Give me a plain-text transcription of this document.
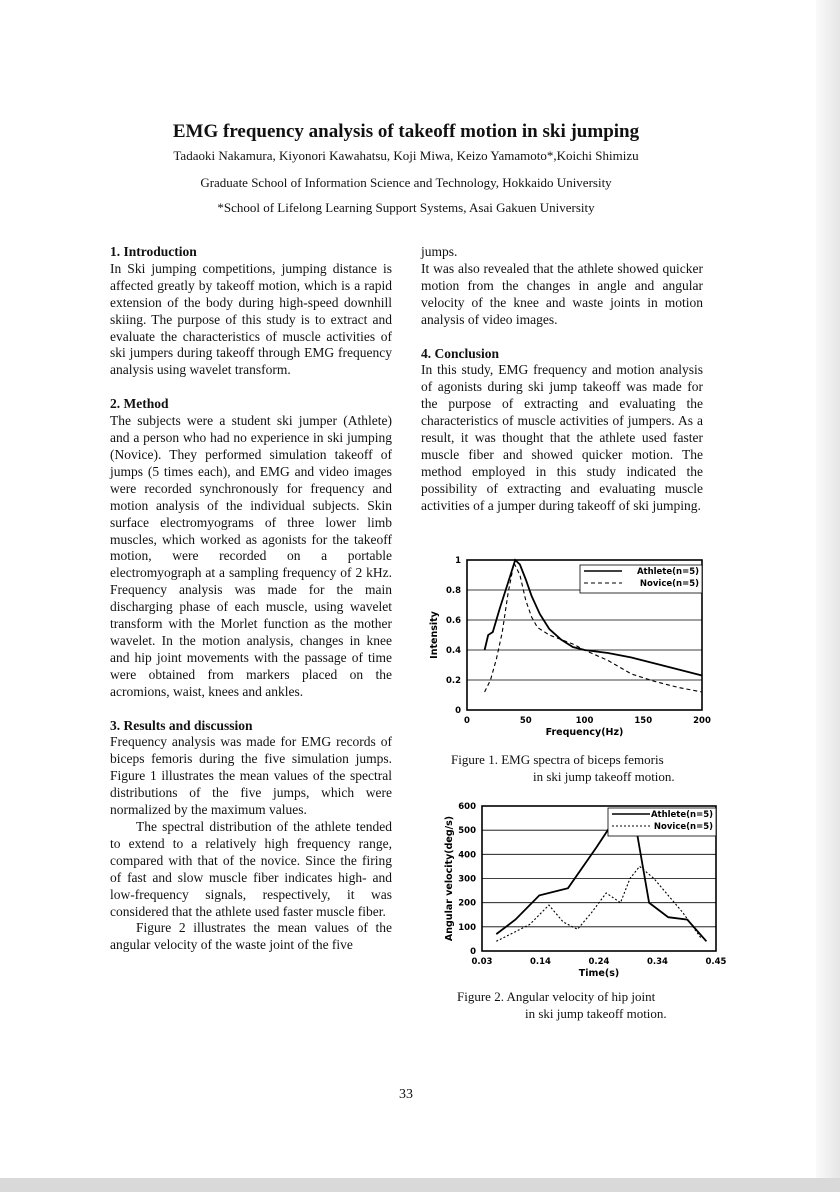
EMG frequency analysis of takeoff motion in ski jumping
Tadaoki Nakamura, Kiyonori Kawahatsu, Koji Miwa, Keizo Yamamoto*,Koichi Shimizu
Graduate School of Information Science and Technology, Hokkaido University
*School of Lifelong Learning Support Systems, Asai Gakuen University
1. Introduction

In Ski jumping competitions, jumping distance is affected greatly by takeoff motion, which is a rapid extension of the body during high-speed downhill skiing. The purpose of this study is to extract and evaluate the characteristics of muscle activities of ski jumpers during takeoff through EMG frequency analysis using wavelet transform.

2. Method

The subjects were a student ski jumper (Athlete) and a person who had no experience in ski jumping (Novice). They performed simulation takeoff of jumps (5 times each), and EMG and video images were recorded synchronously for frequency and motion analysis of the individual subjects. Skin surface electromyograms of three lower limb muscles, which worked as agonists for the takeoff motion, were recorded on a portable electromyograph at a sampling frequency of 2 kHz. Frequency analysis was made for the main discharging phase of each muscle, using wavelet transform with the Morlet function as the mother wavelet. In the motion analysis, changes in knee and hip joint movements with the passage of time were obtained from markers placed on the acromions, waist, knees and ankles.

3. Results and discussion

Frequency analysis was made for EMG records of biceps femoris during the five simulation jumps. Figure 1 illustrates the mean values of the spectral distributions of the five jumps, which were normalized by the maximum values.

The spectral distribution of the athlete tended to extend to a relatively high frequency range, compared with that of the novice. Since the firing of fast and slow muscle fiber indicates high- and low-frequency signals, respectively, it was considered that the athlete used faster muscle fiber.

Figure 2 illustrates the mean values of the angular velocity of the waste joint of the five

jumps.

It was also revealed that the athlete showed quicker motion from the changes in angle and angular velocity of the knee and waste joints in motion analysis of video images.

4. Conclusion

In this study, EMG frequency and motion analysis of agonists during ski jump takeoff was made for the purpose of extracting and evaluating the characteristics of muscle activities of jumpers. As a result, it was thought that the athlete used faster muscle fiber and showed quicker motion. The method employed in this study indicated the possibility of extracting and evaluating muscle activities of a jumper during takeoff of ski jumping.

0
0.2
0.4
0.6
0.8
1
0	50	100	150	200
Frequency(Hz)
Intensity
Athlete(n=5)
Novice(n=5)
Figure 1. EMG spectra of biceps femoris
in ski jump takeoff motion.
0
100
200
300
400
500
600
0.03	0.14	0.24	0.34	0.45
Time(s)
Angular velocity(deg/s)
Athlete(n=5)
Novice(n=5)
Figure 2. Angular velocity of hip joint
in ski jump takeoff motion.
33
